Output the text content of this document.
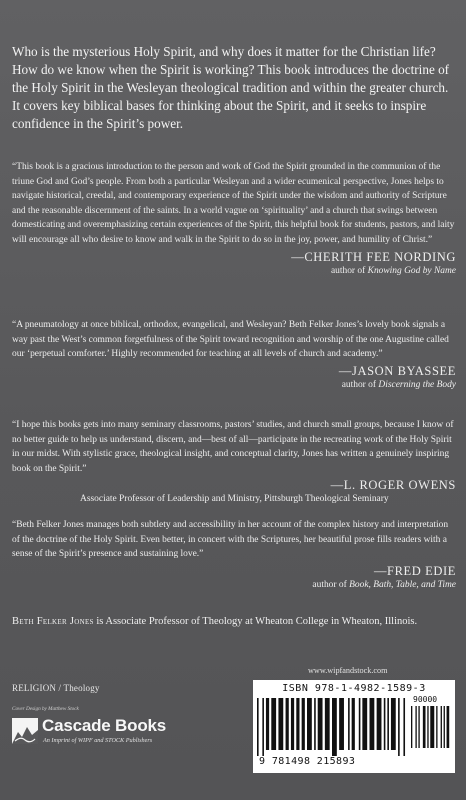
Who is the mysterious Holy Spirit, and why does it matter for the Christian life? How do we know when the Spirit is working? This book introduces the doctrine of the Holy Spirit in the Wesleyan theological tradition and within the greater church. It covers key biblical bases for thinking about the Spirit, and it seeks to inspire confidence in the Spirit’s power.

“This book is a gracious introduction to the person and work of God the Spirit grounded in the communion of the triune God and God’s people. From both a particular Wesleyan and a wider ecumenical perspective, Jones helps to navigate historical, creedal, and contemporary experience of the Spirit under the wisdom and authority of Scripture and the reasonable discernment of the saints. In a world vague on ‘spirituality’ and a church that swings between domesticating and overemphasizing certain experiences of the Spirit, this helpful book for students, pastors, and laity will encourage all who desire to know and walk in the Spirit to do so in the joy, power, and humility of Christ.”

—CHERITH FEE NORDING
author of Knowing God by Name

“A pneumatology at once biblical, orthodox, evangelical, and Wesleyan? Beth Felker Jones’s lovely book signals a way past the West’s common forgetfulness of the Spirit toward recognition and worship of the one Augustine called our ‘perpetual comforter.’ Highly recommended for teaching at all levels of church and academy.”

—JASON BYASSEE
author of Discerning the Body

“I hope this books gets into many seminary classrooms, pastors’ studies, and church small groups, because I know of no better guide to help us understand, discern, and—best of all—participate in the recreating work of the Holy Spirit in our midst. With stylistic grace, theological insight, and conceptual clarity, Jones has written a genuinely inspiring book on the Spirit.”

—L. ROGER OWENS
Associate Professor of Leadership and Ministry, Pittsburgh Theological Seminary

“Beth Felker Jones manages both subtlety and accessibility in her account of the complex history and interpretation of the doctrine of the Holy Spirit. Even better, in concert with the Scriptures, her beautiful prose fills readers with a sense of the Spirit’s presence and sustaining love.”

—FRED EDIE
author of Book, Bath, Table, and Time

Beth Felker Jones is Associate Professor of Theology at Wheaton College in Wheaton, Illinois.

www.wipfandstock.com
RELIGION / Theology
Cover Design by Matthew Stock
Cascade Books
An Imprint of WIPF and STOCK Publishers
ISBN 978-1-4982-1589-3
90000
9 781498 215893
